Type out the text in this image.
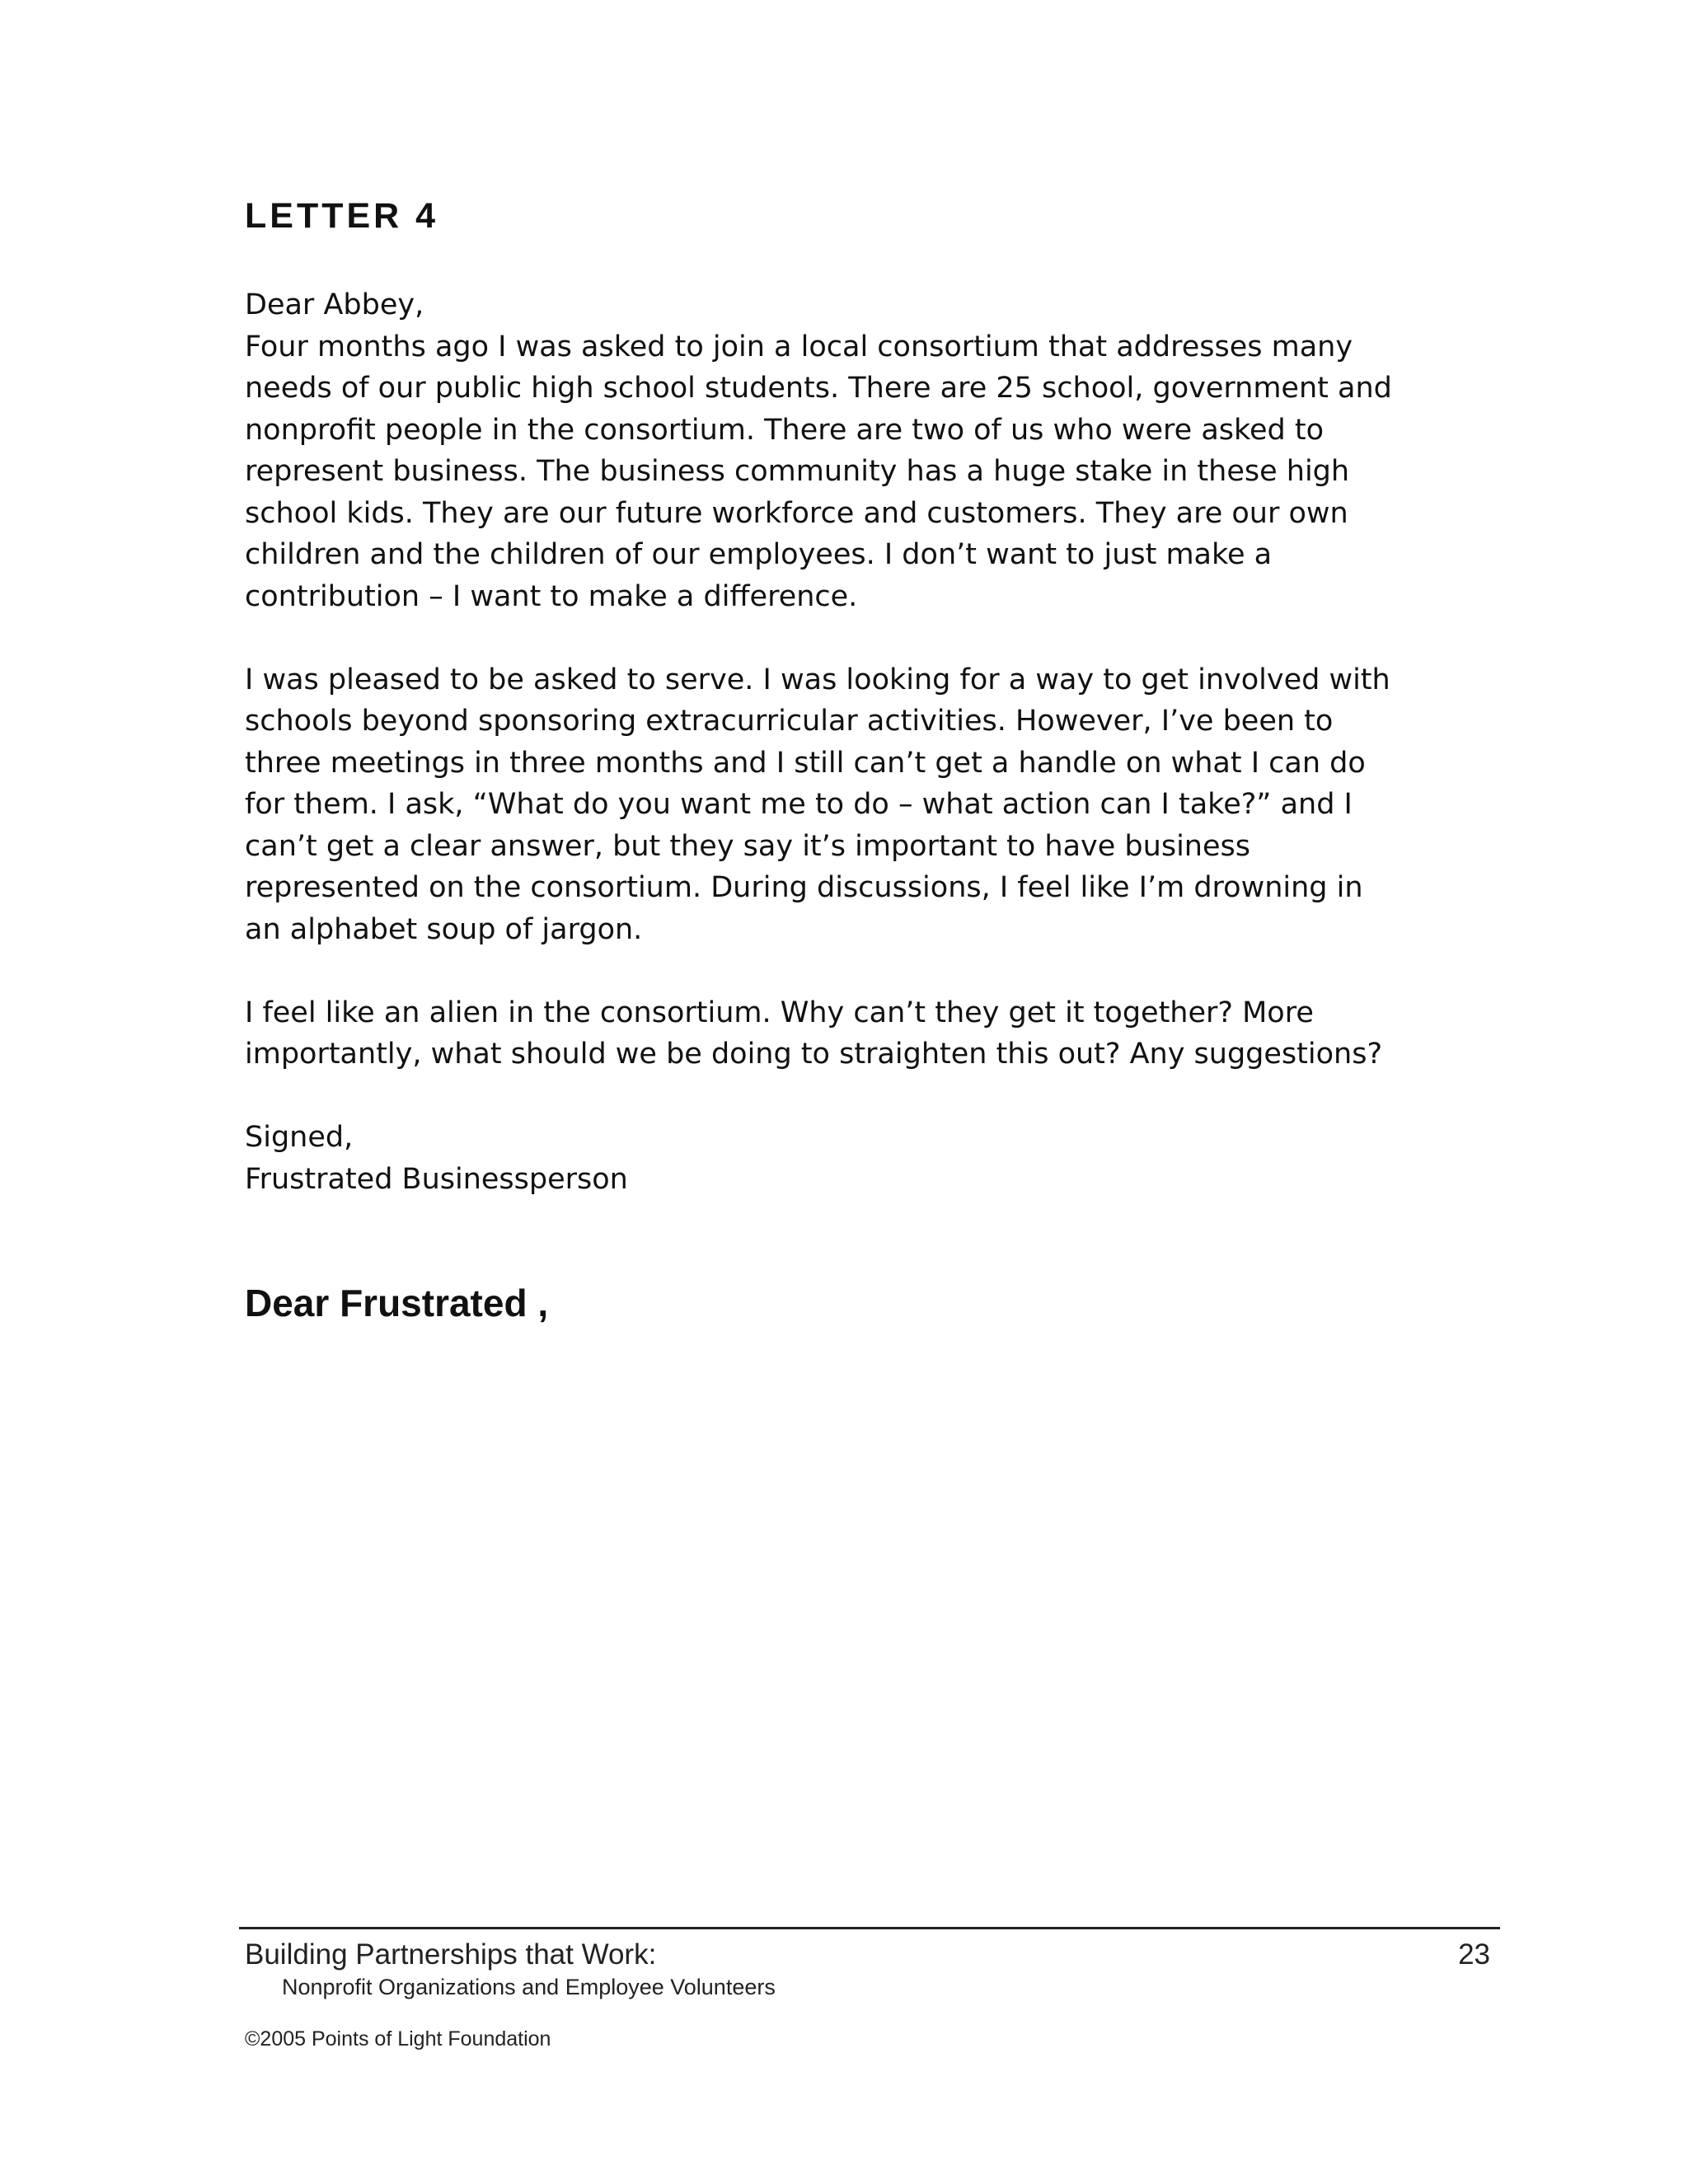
LETTER 4

Dear Abbey,

Four months ago I was asked to join a local consortium that addresses many
needs of our public high school students. There are 25 school, government and
nonprofit people in the consortium. There are two of us who were asked to
represent business. The business community has a huge stake in these high
school kids. They are our future workforce and customers. They are our own
children and the children of our employees. I don’t want to just make a
contribution – I want to make a difference.

I was pleased to be asked to serve. I was looking for a way to get involved with
schools beyond sponsoring extracurricular activities. However, I’ve been to
three meetings in three months and I still can’t get a handle on what I can do
for them. I ask, “What do you want me to do – what action can I take?” and I
can’t get a clear answer, but they say it’s important to have business
represented on the consortium. During discussions, I feel like I’m drowning in
an alphabet soup of jargon.

I feel like an alien in the consortium. Why can’t they get it together? More
importantly, what should we be doing to straighten this out? Any suggestions?

Signed,
Frustrated Businessperson

Dear Frustrated ,
Building Partnerships that Work:
Nonprofit Organizations and Employee Volunteers
23
©2005 Points of Light Foundation
